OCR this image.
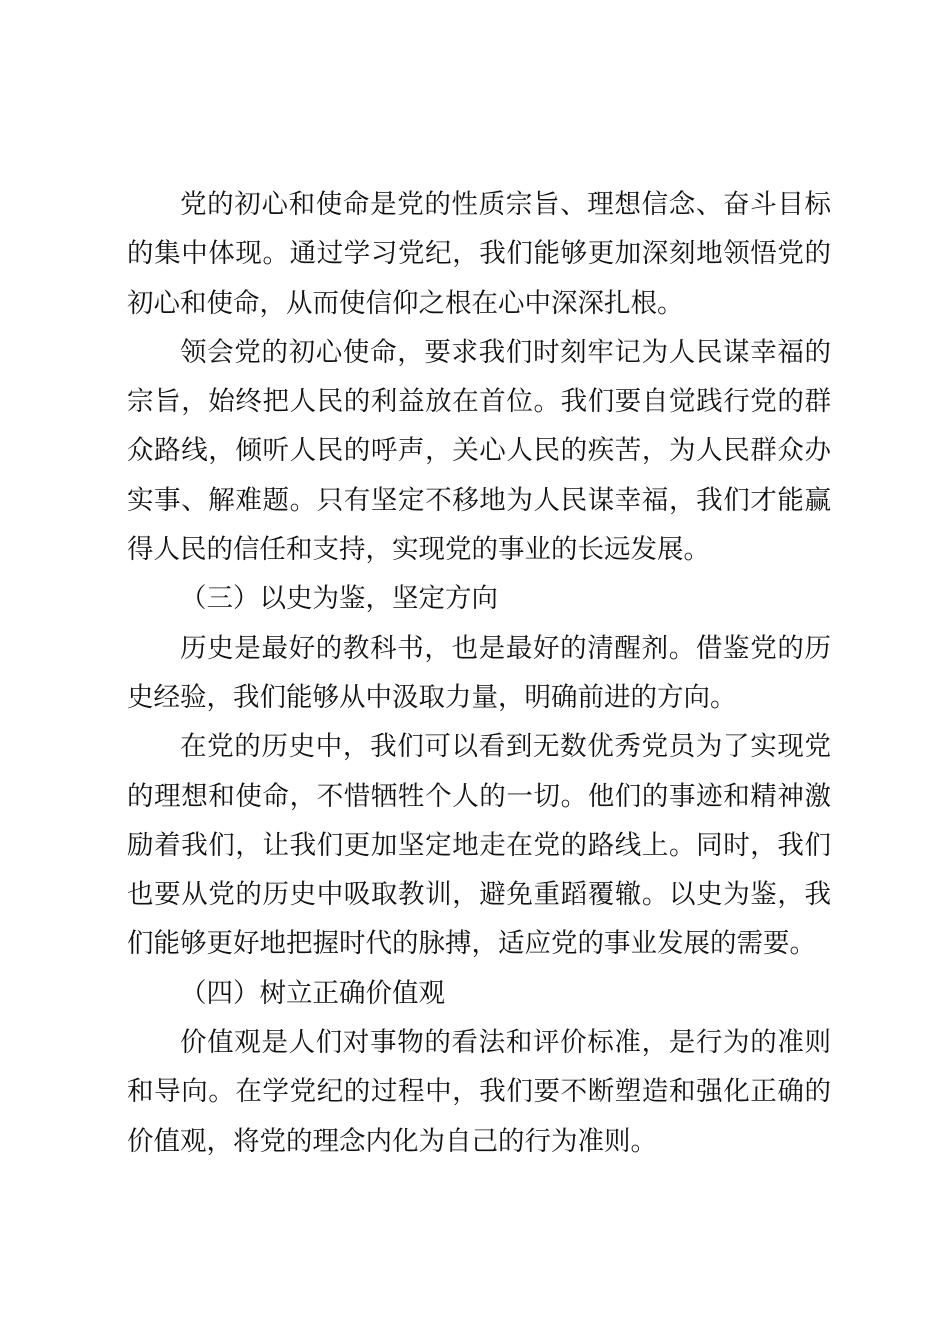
党的初心和使命是党的性质宗旨、理想信念、奋斗目标的集中体现。通过学习党纪，我们能够更加深刻地领悟党的初心和使命，从而使信仰之根在心中深深扎根。

领会党的初心使命，要求我们时刻牢记为人民谋幸福的宗旨，始终把人民的利益放在首位。我们要自觉践行党的群众路线，倾听人民的呼声，关心人民的疾苦，为人民群众办实事、解难题。只有坚定不移地为人民谋幸福，我们才能赢得人民的信任和支持，实现党的事业的长远发展。

（三）以史为鉴，坚定方向

历史是最好的教科书，也是最好的清醒剂。借鉴党的历史经验，我们能够从中汲取力量，明确前进的方向。

在党的历史中，我们可以看到无数优秀党员为了实现党的理想和使命，不惜牺牲个人的一切。他们的事迹和精神激励着我们，让我们更加坚定地走在党的路线上。同时，我们也要从党的历史中吸取教训，避免重蹈覆辙。以史为鉴，我们能够更好地把握时代的脉搏，适应党的事业发展的需要。

（四）树立正确价值观

价值观是人们对事物的看法和评价标准，是行为的准则和导向。在学党纪的过程中，我们要不断塑造和强化正确的价值观，将党的理念内化为自己的行为准则。
